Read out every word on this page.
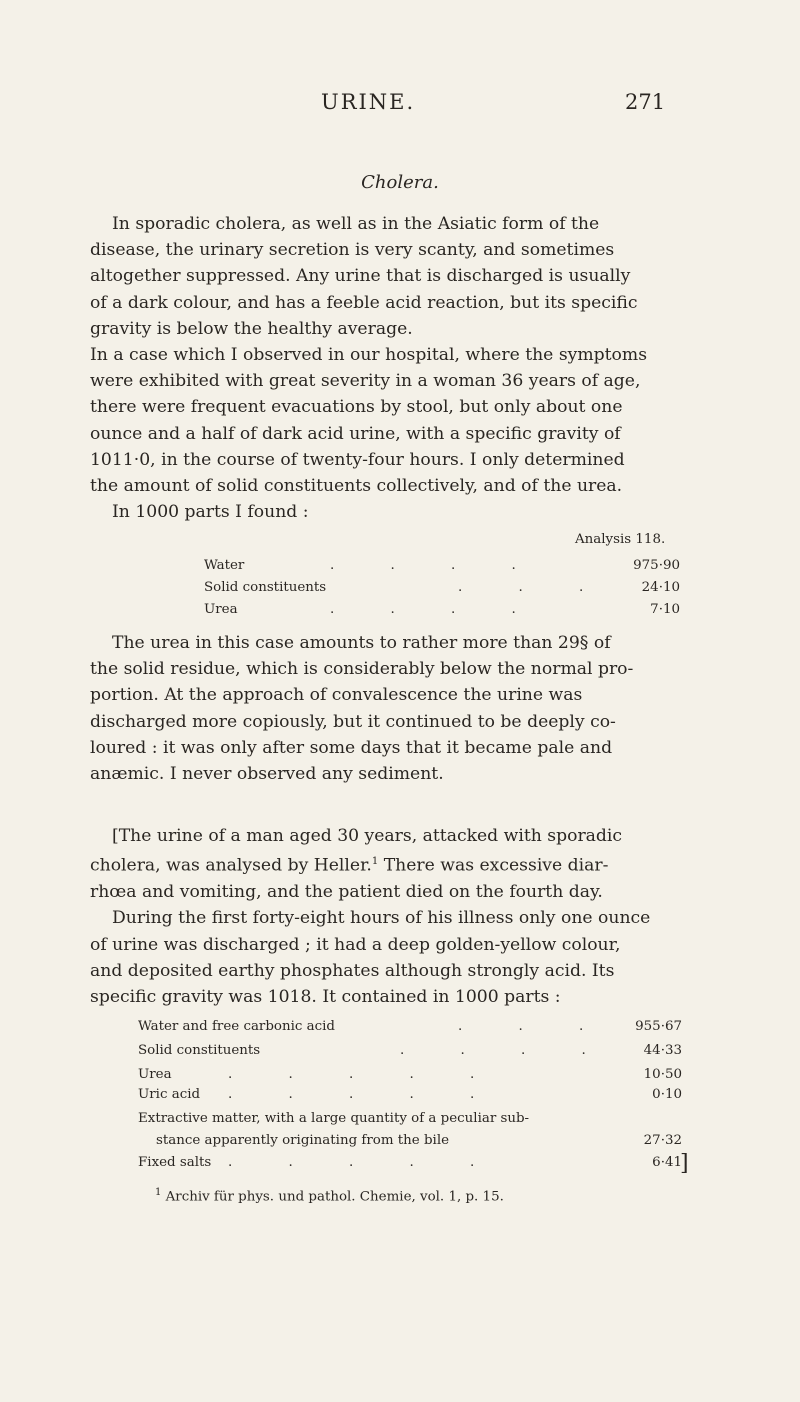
URINE.	271
Cholera.
In sporadic cholera, as well as in the Asiatic form of the
disease, the urinary secretion is very scanty, and sometimes
altogether suppressed. Any urine that is discharged is usually
of a dark colour, and has a feeble acid reaction, but its specific
gravity is below the healthy average.
In a case which I observed in our hospital, where the symptoms
were exhibited with great severity in a woman 36 years of age,
there were frequent evacuations by stool, but only about one
ounce and a half of dark acid urine, with a specific gravity of
1011·0, in the course of twenty-four hours. I only determined
the amount of solid constituents collectively, and of the urea.
In 1000 parts I found :
Analysis 118.
Water	. . . .	975·90
Solid constituents	. . .	24·10
Urea	. . . .	7·10
The urea in this case amounts to rather more than 29§ of
the solid residue, which is considerably below the normal pro-
portion. At the approach of convalescence the urine was
discharged more copiously, but it continued to be deeply co-
loured : it was only after some days that it became pale and
anæmic. I never observed any sediment.
[The urine of a man aged 30 years, attacked with sporadic
cholera, was analysed by Heller.$^1$ There was excessive diar-
rhœa and vomiting, and the patient died on the fourth day.
During the first forty-eight hours of his illness only one ounce
of urine was discharged ; it had a deep golden-yellow colour,
and deposited earthy phosphates although strongly acid. Its
specific gravity was 1018. It contained in 1000 parts :
Water and free carbonic acid	. . .	955·67
Solid constituents	. . . .	44·33
Urea	. . . . .	10·50
Uric acid . . . . .	0·10
Extractive matter, with a large quantity of a peculiar sub-
stance apparently originating from the bile	27·32
Fixed salts . . . . .	6·41
]
$^1$ Archiv für phys. und pathol. Chemie, vol. 1, p. 15.
